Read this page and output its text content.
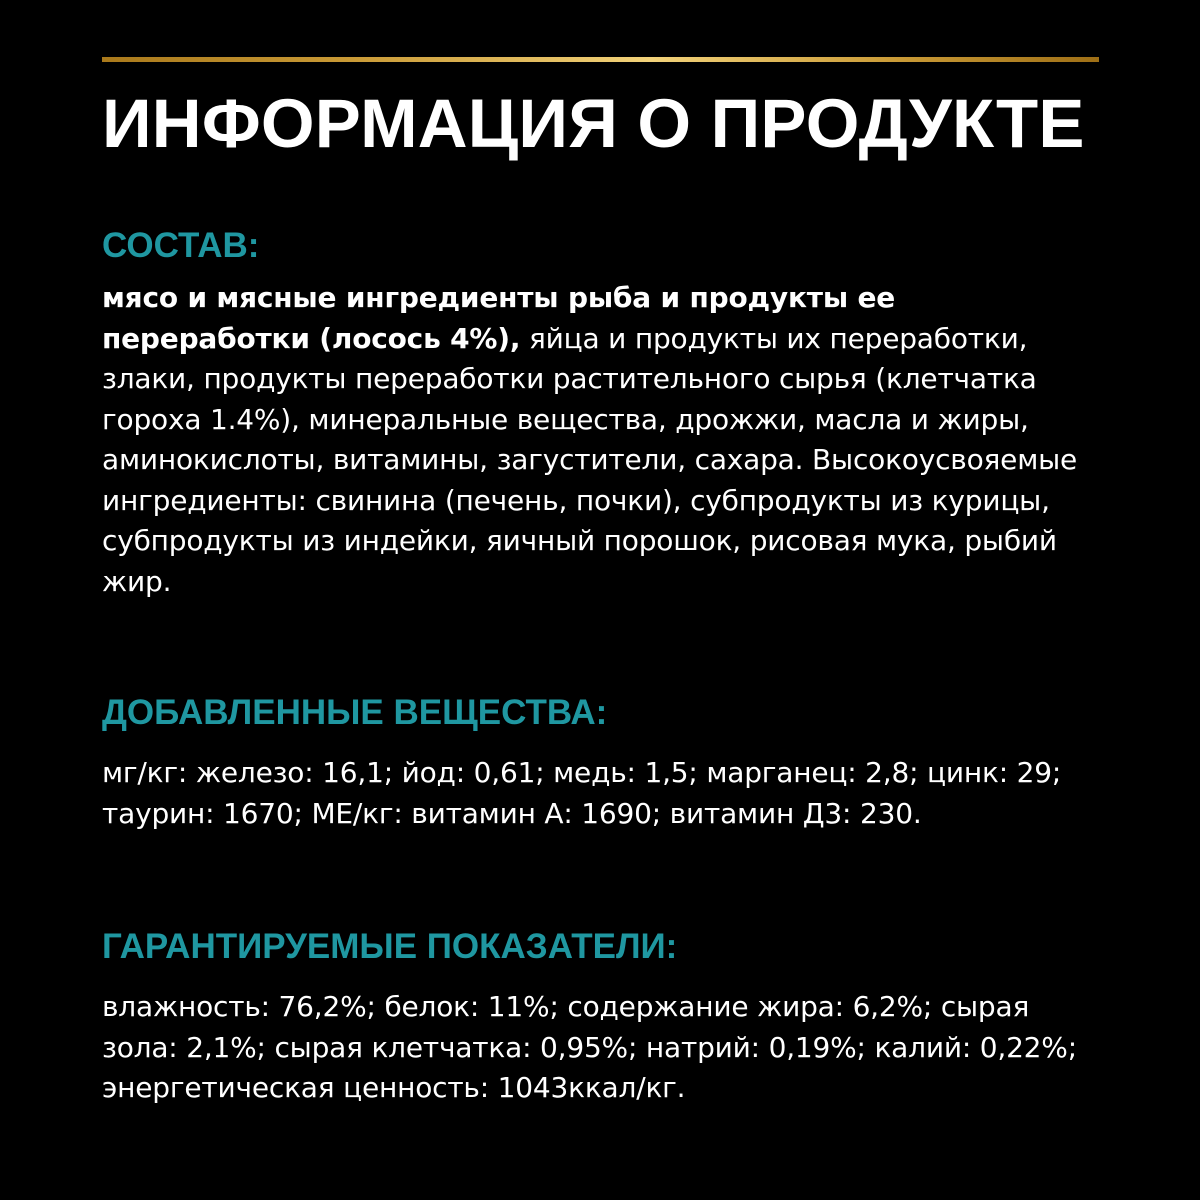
ИНФОРМАЦИЯ О ПРОДУКТЕ
СОСТАВ:

мясо и мясные ингредиенты рыба и продукты ее переработки (лосось 4%), яйца и продукты их переработки, злаки, продукты переработки растительного сырья (клетчатка гороха 1.4%), минеральные вещества, дрожжи, масла и жиры, аминокислоты, витамины, загустители, сахара. Высокоусвояемые ингредиенты: свинина (печень, почки), субпродукты из курицы, субпродукты из индейки, яичный порошок, рисовая мука, рыбий жир.

ДОБАВЛЕННЫЕ ВЕЩЕСТВА:

мг/кг: железо: 16,1; йод: 0,61; медь: 1,5; марганец: 2,8; цинк: 29; таурин: 1670; МЕ/кг: витамин А: 1690; витамин Д3: 230.

ГАРАНТИРУЕМЫЕ ПОКАЗАТЕЛИ:

влажность: 76,2%; белок: 11%; содержание жира: 6,2%; сырая зола: 2,1%; сырая клетчатка: 0,95%; натрий: 0,19%; калий: 0,22%; энергетическая ценность: 1043ккал/кг.
